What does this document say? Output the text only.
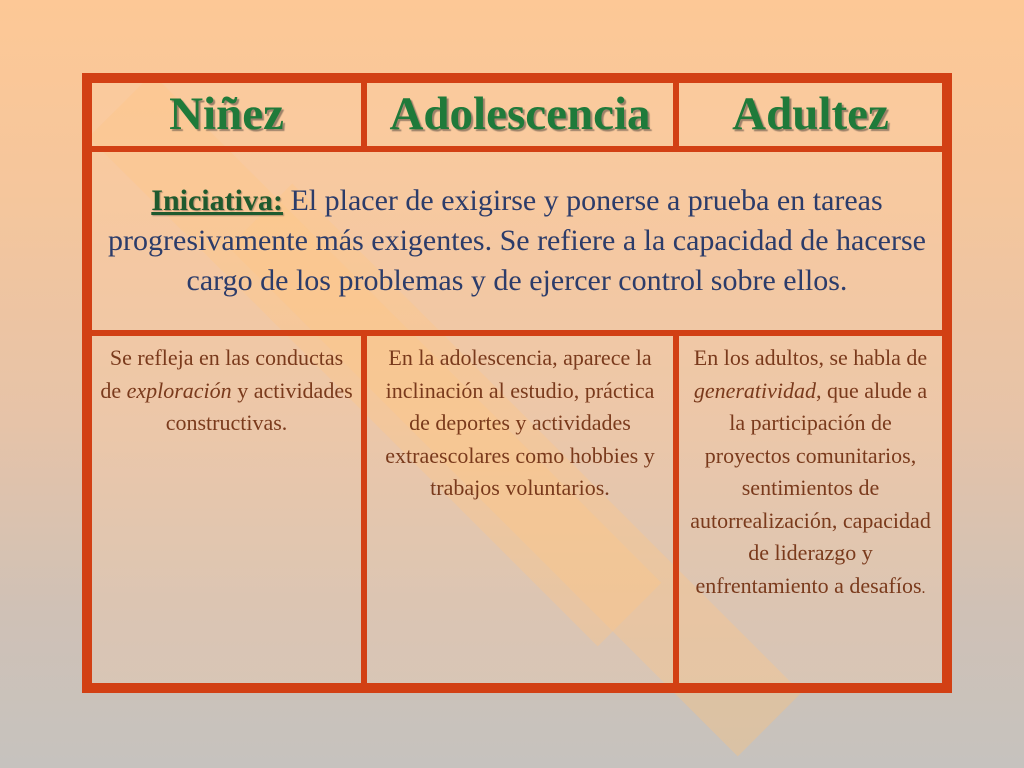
Niñez	Adolescencia	Adultez
Iniciativa: El placer de exigirse y ponerse a prueba en tareas progresivamente más exigentes. Se refiere a la capacidad de hacerse cargo de los problemas y de ejercer control sobre ellos.		
Se refleja en las conductas de exploración y actividades constructivas.	En la adolescencia, aparece la inclinación al estudio, práctica de deportes y actividades extraescolares como hobbies y trabajos voluntarios.	En los adultos, se habla de generatividad, que alude a la participación de proyectos comunitarios, sentimientos de autorrealización, capacidad de liderazgo y enfrentamiento a desafíos.
